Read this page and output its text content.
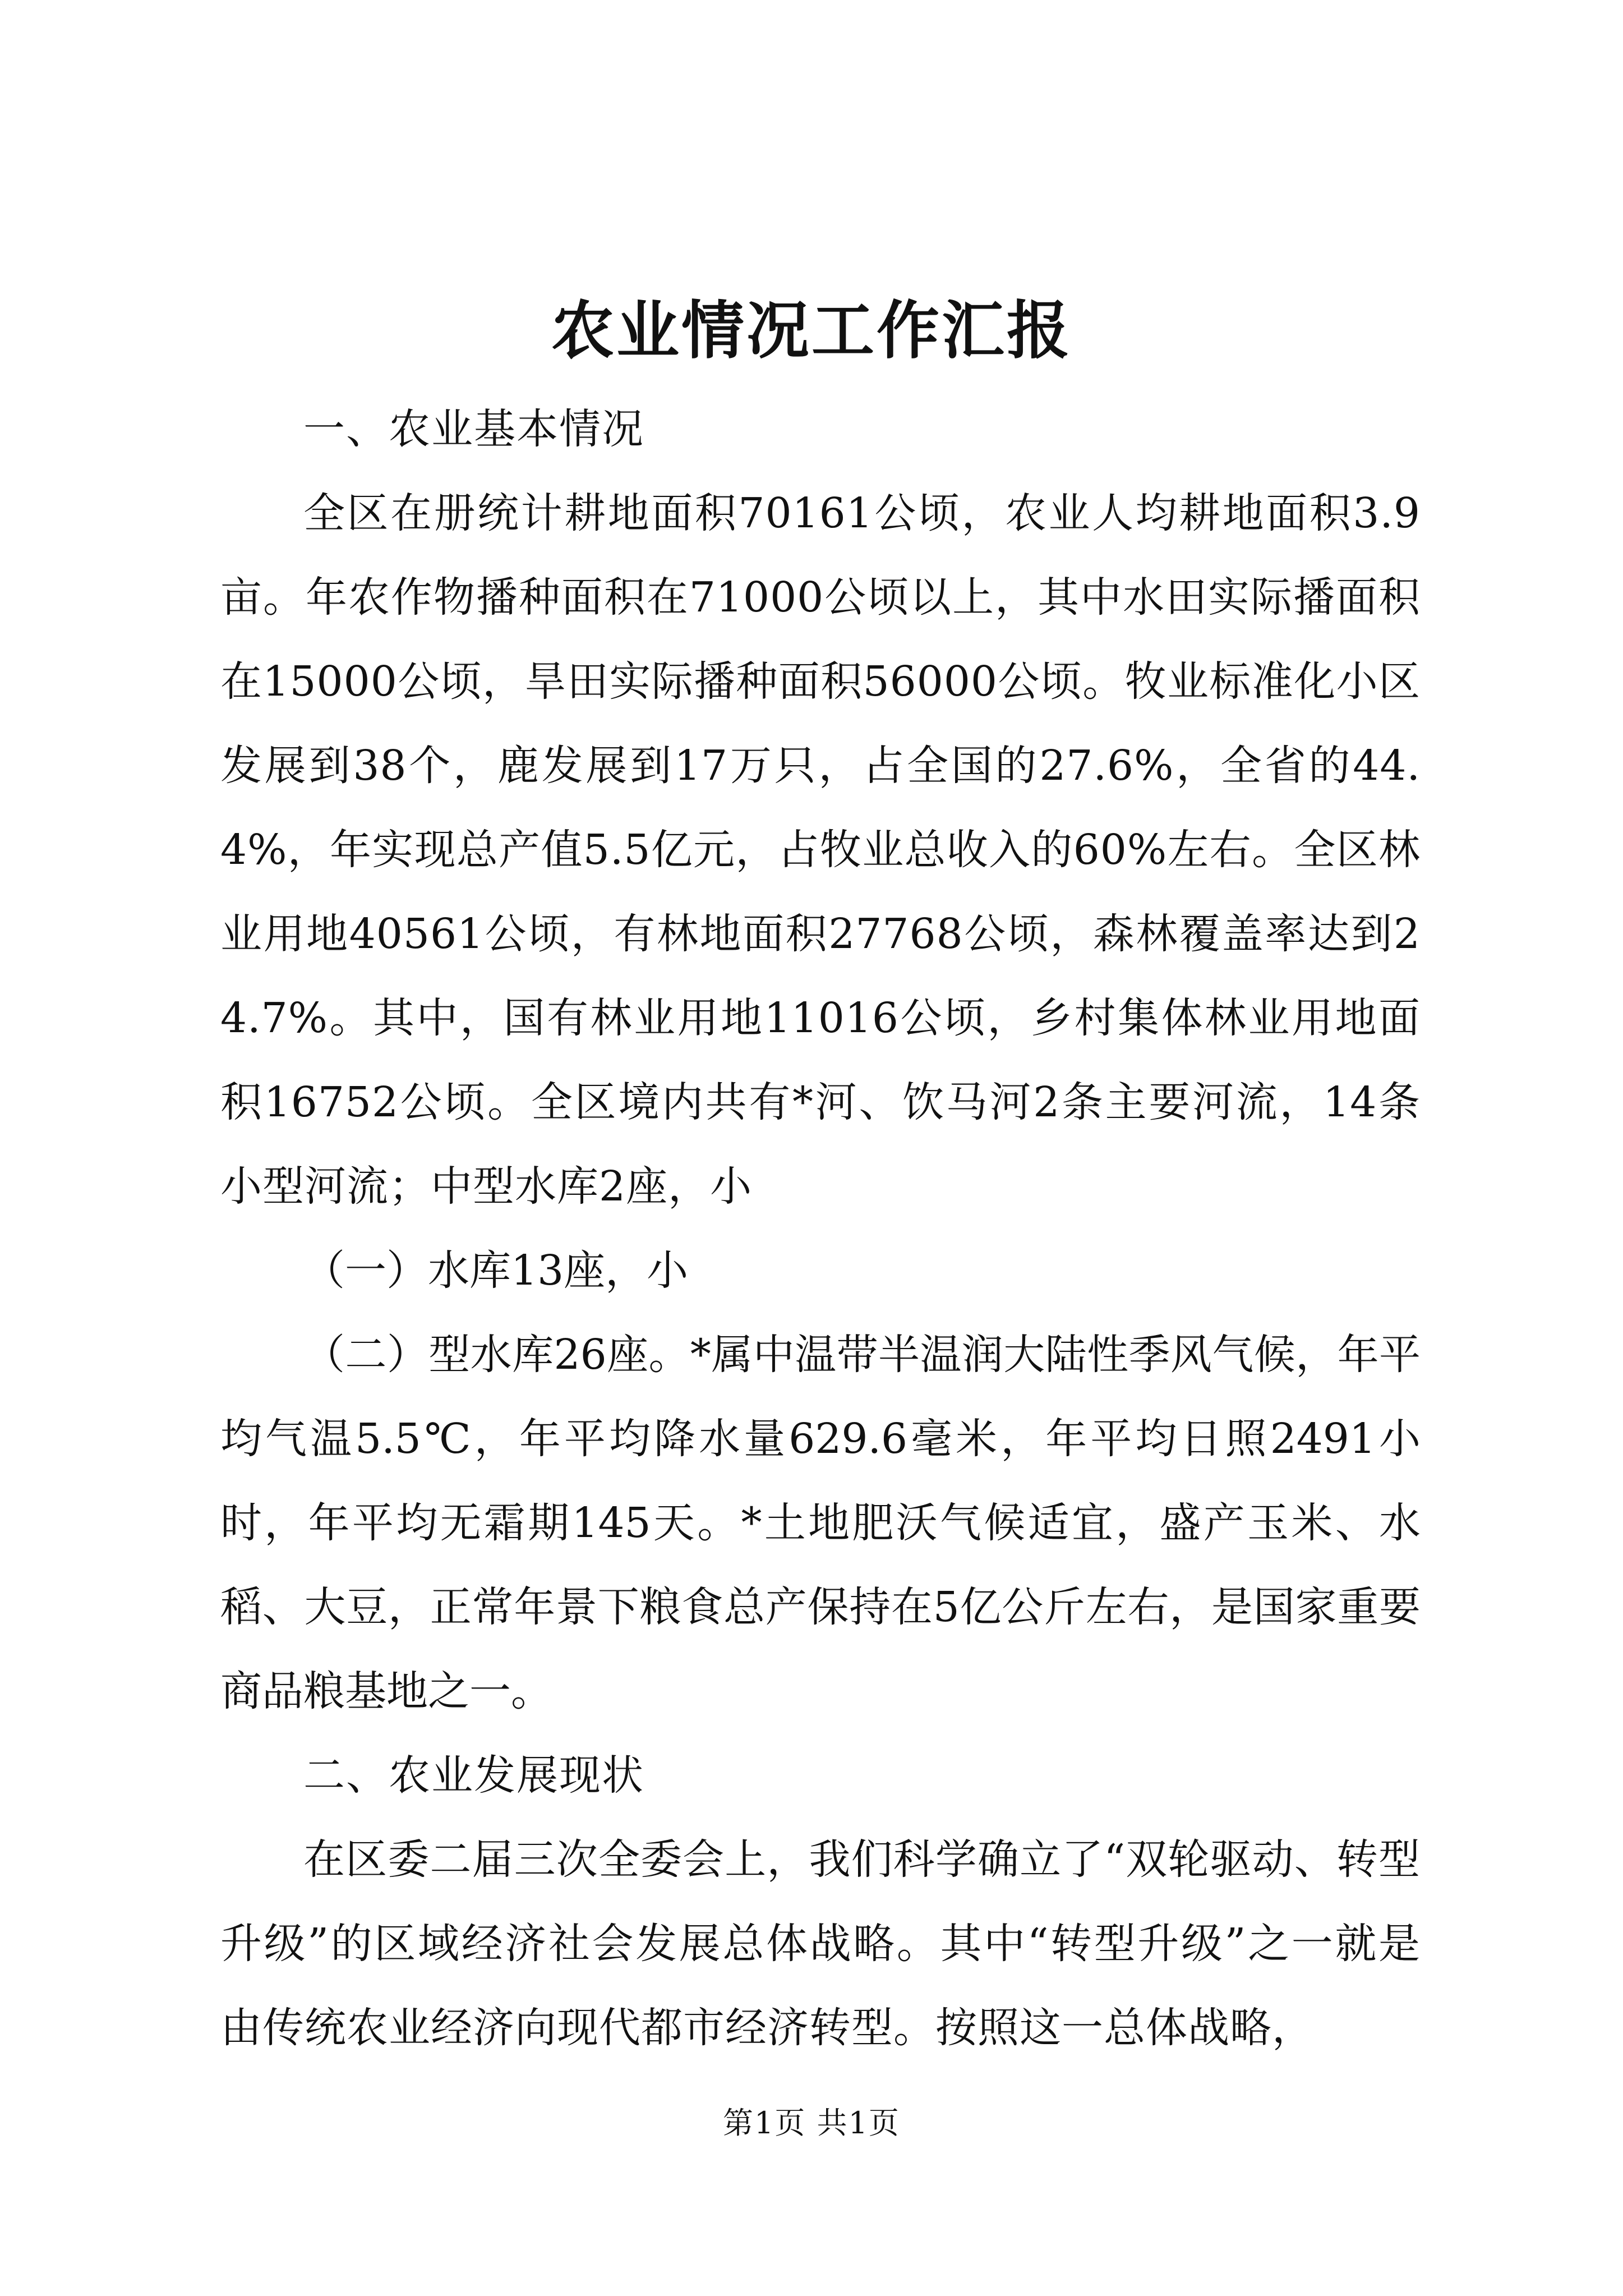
农业情况工作汇报

一、农业基本情况

全区在册统计耕地面积70161公顷，农业人均耕地面积3.9亩。年农作物播种面积在71000公顷以上，其中水田实际播面积在15000公顷，旱田实际播种面积56000公顷。牧业标准化小区发展到38个，鹿发展到17万只，占全国的27.6%，全省的44.4%，年实现总产值5.5亿元，占牧业总收入的60%左右。全区林业用地40561公顷，有林地面积27768公顷，森林覆盖率达到24.7%。其中，国有林业用地11016公顷，乡村集体林业用地面积16752公顷。全区境内共有*河、饮马河2条主要河流，14条小型河流；中型水库2座，小

（一）水库13座，小

（二）型水库26座。*属中温带半温润大陆性季风气候，年平均气温5.5℃，年平均降水量629.6毫米，年平均日照2491小时，年平均无霜期145天。*土地肥沃气候适宜，盛产玉米、水稻、大豆，正常年景下粮食总产保持在5亿公斤左右，是国家重要商品粮基地之一。

二、农业发展现状

在区委二届三次全委会上，我们科学确立了“双轮驱动、转型升级”的区域经济社会发展总体战略。其中“转型升级”之一就是由传统农业经济向现代都市经济转型。按照这一总体战略，

第1页 共1页
